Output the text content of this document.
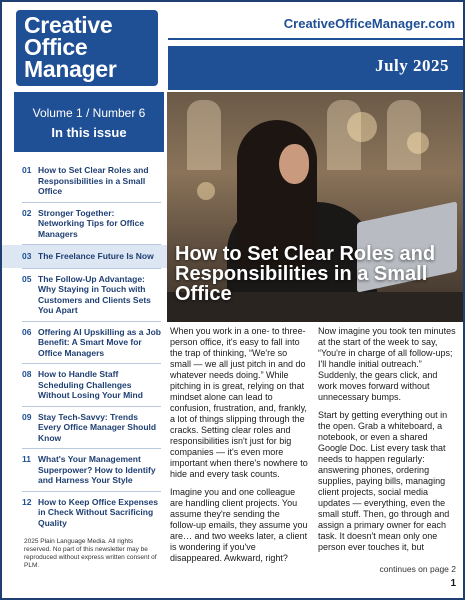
Creative
Office
Manager
CreativeOfficeManager.com
July 2025
Volume 1 / Number 6
In this issue
01 How to Set Clear Roles and Responsibilities in a Small Office
02 Stronger Together: Networking Tips for Office Managers
03 The Freelance Future Is Now
05 The Follow-Up Advantage: Why Staying in Touch with Customers and Clients Sets You Apart
06 Offering AI Upskilling as a Job Benefit: A Smart Move for Office Managers
08 How to Handle Staff Scheduling Challenges Without Losing Your Mind
09 Stay Tech-Savvy: Trends Every Office Manager Should Know
11 What's Your Management Superpower? How to Identify and Harness Your Style
12 How to Keep Office Expenses in Check Without Sacrificing Quality
2025 Plain Language Media. All rights reserved. No part of this newsletter may be reproduced without express written consent of PLM.
How to Set Clear Roles and Responsibilities in a Small Office

When you work in a one- to three-person office, it's easy to fall into the trap of thinking, “We're so small — we all just pitch in and do whatever needs doing.” While pitching in is great, relying on that mindset alone can lead to confusion, frustration, and, frankly, a lot of things slipping through the cracks. Setting clear roles and responsibilities isn't just for big companies — it's even more important when there's nowhere to hide and every task counts.

Imagine you and one colleague are handling client projects. You assume they're sending the follow-up emails, they assume you are… and two weeks later, a client is wondering if you've disappeared. Awkward, right?

Now imagine you took ten minutes at the start of the week to say, “You're in charge of all follow-ups; I'll handle initial outreach.” Suddenly, the gears click, and work moves forward without unnecessary bumps.

Start by getting everything out in the open. Grab a whiteboard, a notebook, or even a shared Google Doc. List every task that needs to happen regularly: answering phones, ordering supplies, paying bills, managing client projects, social media updates — everything, even the small stuff. Then, go through and assign a primary owner for each task. It doesn't mean only one person ever touches it, but

continues on page 2
1
